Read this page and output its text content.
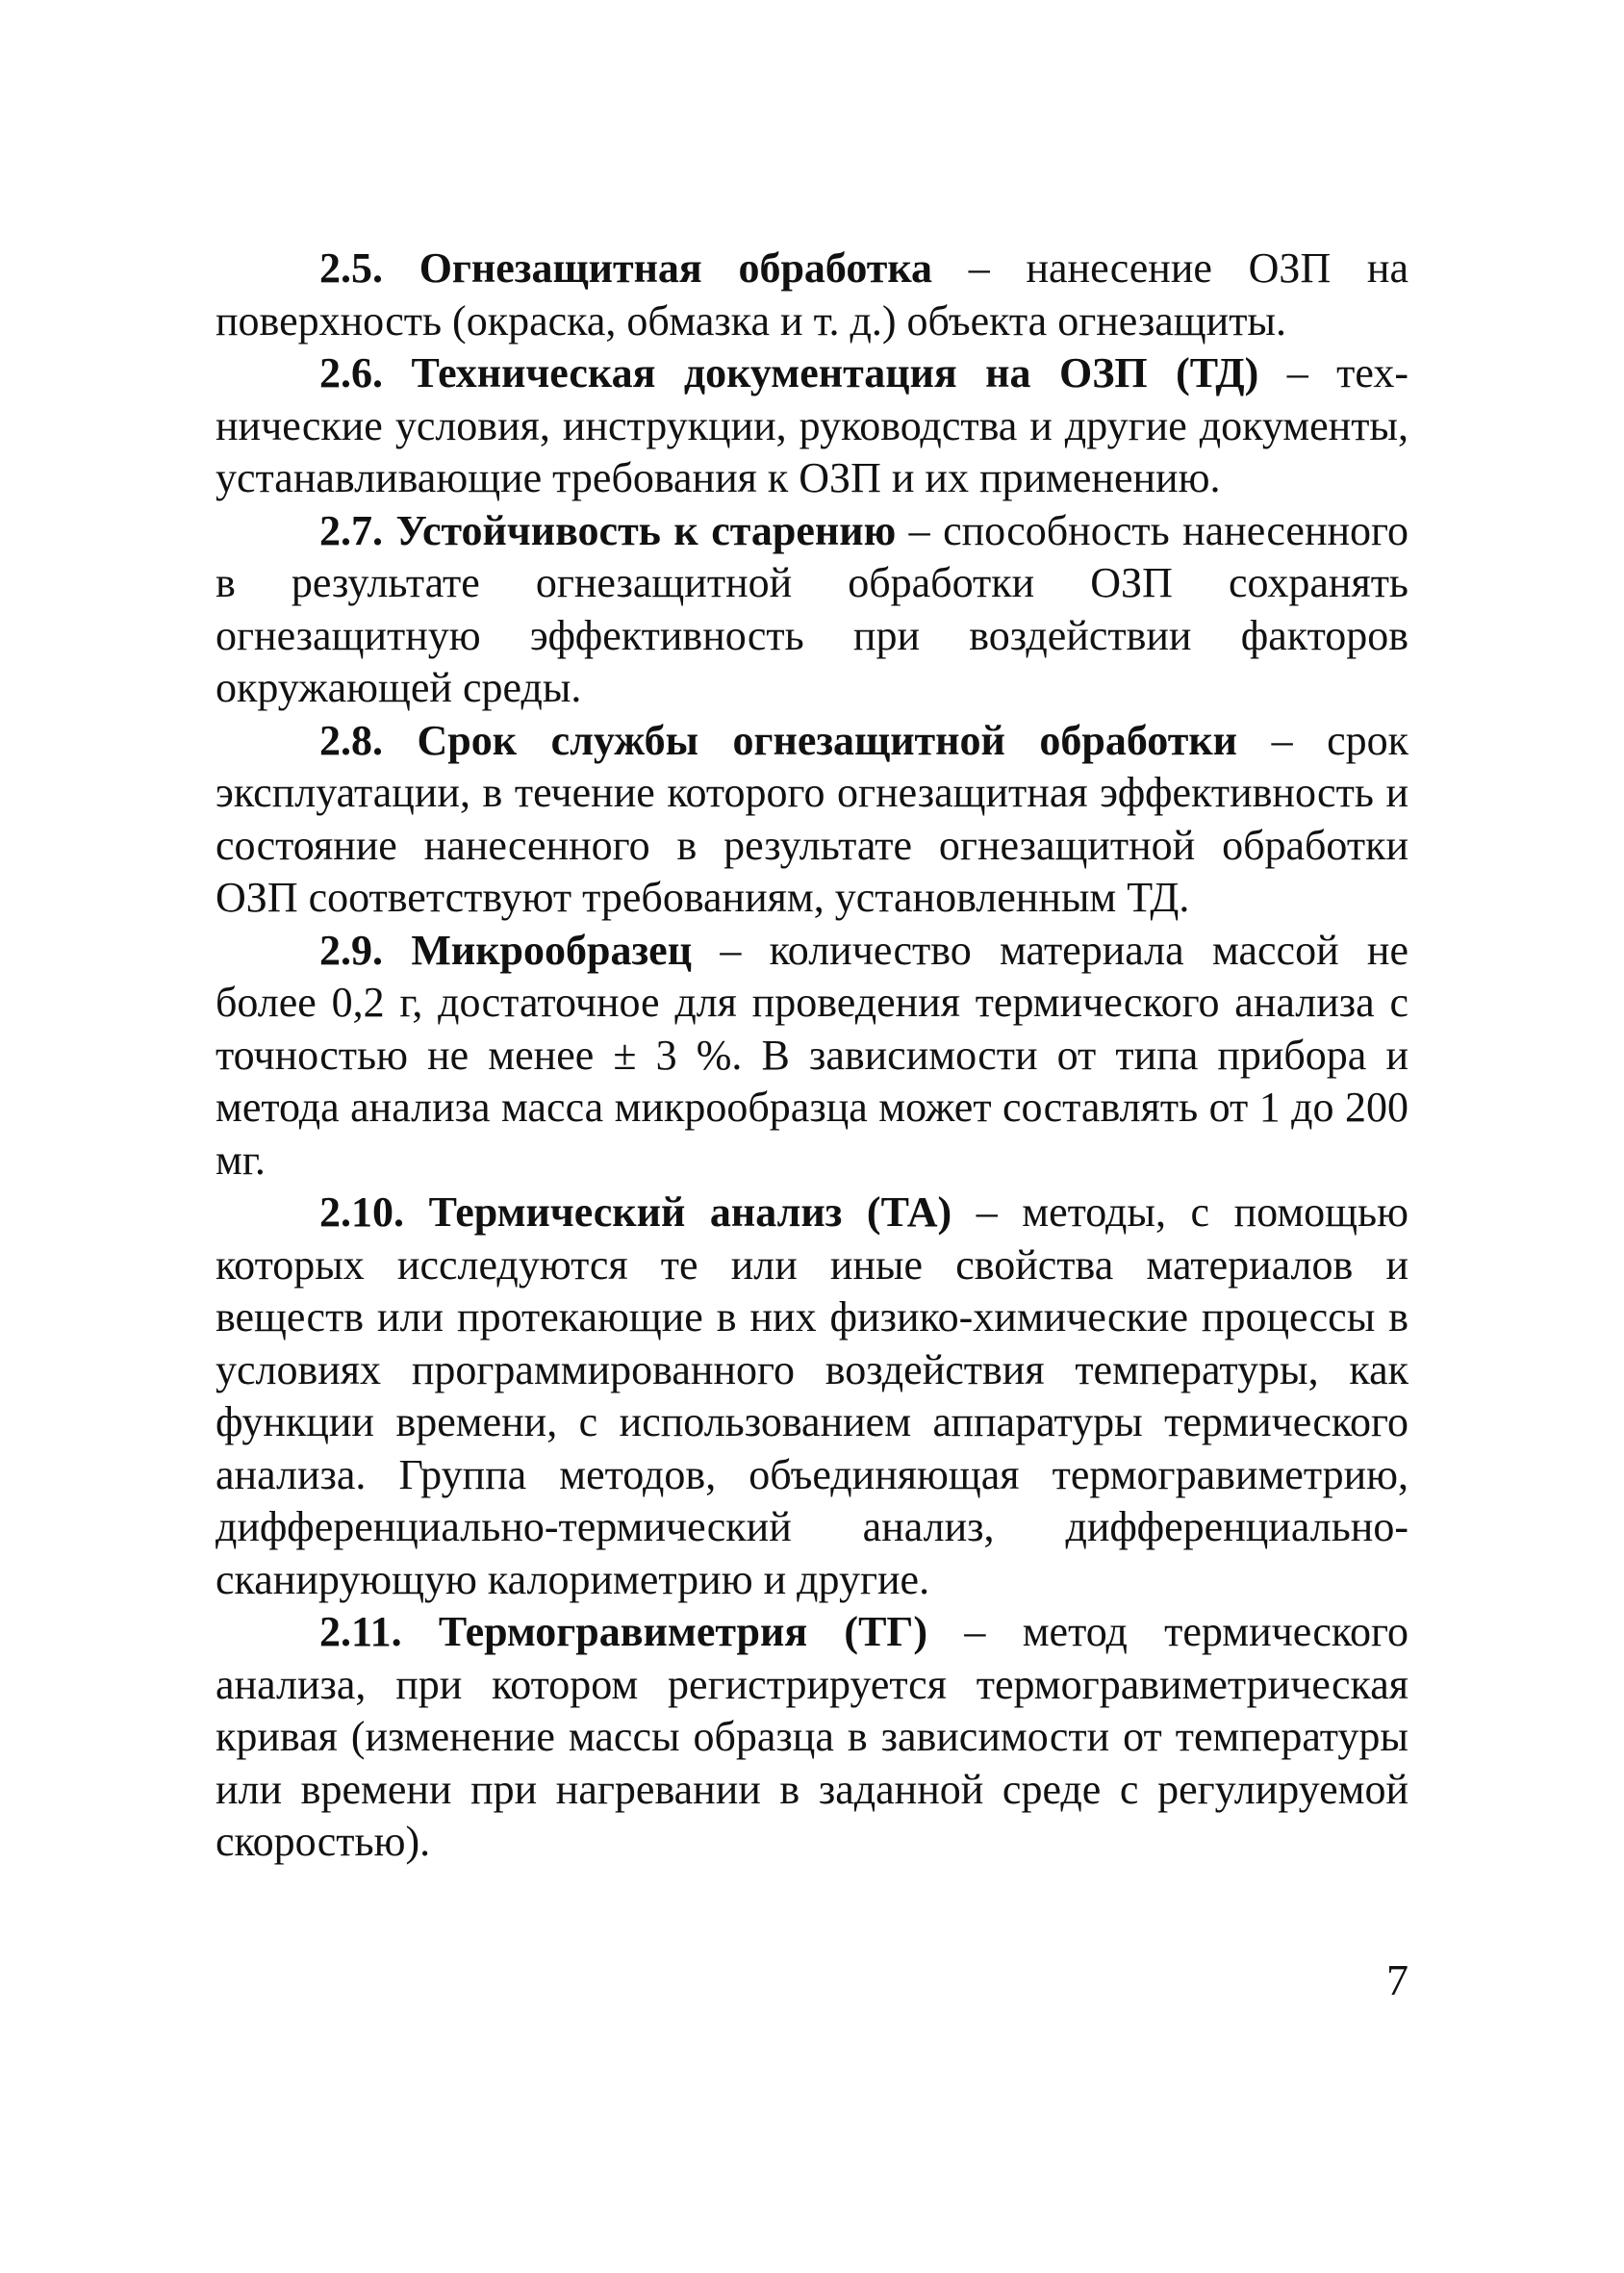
2.5. Огнезащитная обработка – нанесение ОЗП на поверхность (окраска, обмазка и т. д.) объекта огнезащиты.

2.6. Техническая документация на ОЗП (ТД) – технические условия, инструкции, руководства и другие документы, устанавливающие требования к ОЗП и их применению.

2.7. Устойчивость к старению – способность нанесенного в результате огнезащитной обработки ОЗП сохранять огнезащитную эффективность при воздействии факторов окружающей среды.

2.8. Срок службы огнезащитной обработки – срок эксплуатации, в течение которого огнезащитная эффективность и состояние нанесенного в результате огнезащитной обработки ОЗП соответствуют требованиям, установленным ТД.

2.9. Микрообразец – количество материала массой не более 0,2 г, достаточное для проведения термического анализа с точностью не менее ± 3 %. В зависимости от типа прибора и метода анализа масса микрообразца может составлять от 1 до 200 мг.

2.10. Термический анализ (ТА) – методы, с помощью которых исследуются те или иные свойства материалов и веществ или протекающие в них физико-химические процессы в условиях программированного воздействия температуры, как функции времени, с использованием аппаратуры термического анализа. Группа методов, объединяющая термогравиметрию, дифференциально-термический анализ, дифференциально-сканирующую калориметрию и другие.

2.11. Термогравиметрия (ТГ) – метод термического анализа, при котором регистрируется термогравиметрическая кривая (изменение массы образца в зависимости от температуры или времени при нагревании в заданной среде с регулируемой скоростью).

7
